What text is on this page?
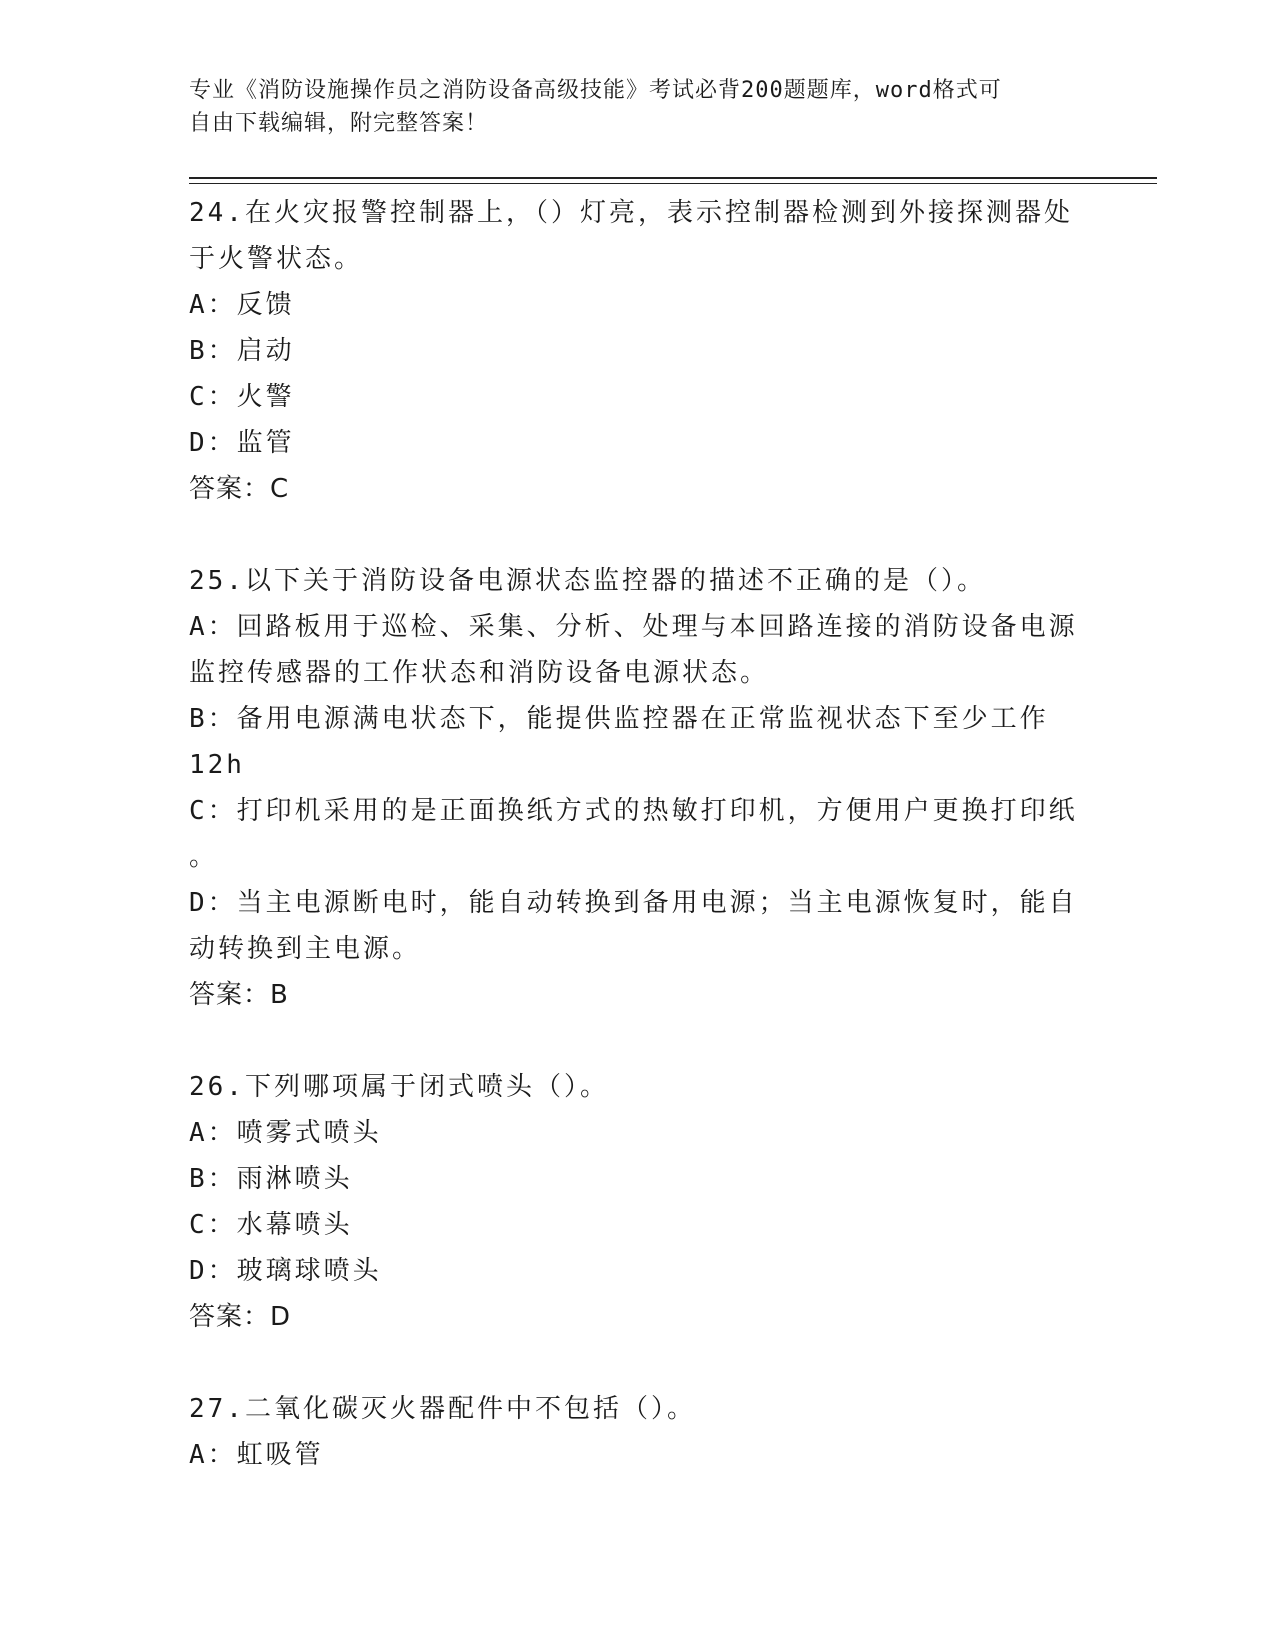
专业《消防设施操作员之消防设备高级技能》考试必背200题题库，word格式可
自由下载编辑，附完整答案！
24.在火灾报警控制器上，（）灯亮，表示控制器检测到外接探测器处
于火警状态。
A：反馈
B：启动
C：火警
D：监管
答案：C
25.以下关于消防设备电源状态监控器的描述不正确的是（）。
A：回路板用于巡检、采集、分析、处理与本回路连接的消防设备电源
监控传感器的工作状态和消防设备电源状态。
B：备用电源满电状态下，能提供监控器在正常监视状态下至少工作
12h
C：打印机采用的是正面换纸方式的热敏打印机，方便用户更换打印纸
。
D：当主电源断电时，能自动转换到备用电源；当主电源恢复时，能自
动转换到主电源。
答案：B
26.下列哪项属于闭式喷头（）。
A：喷雾式喷头
B：雨淋喷头
C：水幕喷头
D：玻璃球喷头
答案：D
27.二氧化碳灭火器配件中不包括（）。
A：虹吸管
